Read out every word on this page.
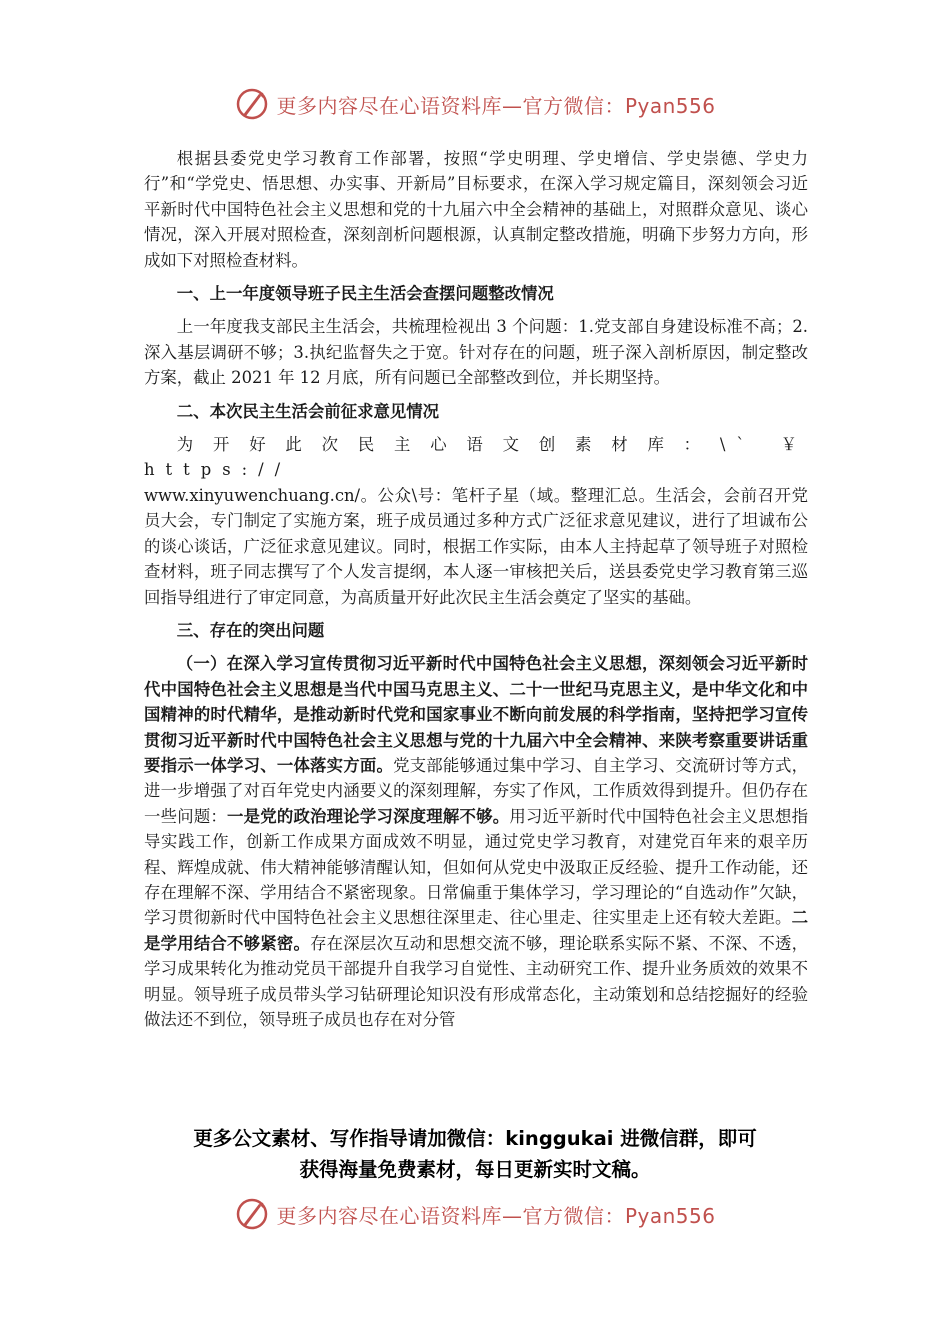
更多内容尽在心语资料库—官方微信：Pyan556

根据县委党史学习教育工作部署，按照“学史明理、学史增信、学史崇德、学史力行”和“学党史、悟思想、办实事、开新局”目标要求，在深入学习规定篇目，深刻领会习近平新时代中国特色社会主义思想和党的十九届六中全会精神的基础上，对照群众意见、谈心情况，深入开展对照检查，深刻剖析问题根源，认真制定整改措施，明确下步努力方向，形成如下对照检查材料。

一、上一年度领导班子民主生活会查摆问题整改情况

上一年度我支部民主生活会，共梳理检视出 3 个问题：1.党支部自身建设标准不高；2.深入基层调研不够；3.执纪监督失之于宽。针对存在的问题，班子深入剖析原因，制定整改方案，截止 2021 年 12 月底，所有问题已全部整改到位，并长期坚持。

二、本次民主生活会前征求意见情况

为开好此次民主心语文创素材库：\` ￥ https://

www.xinyuwenchuang.cn/。公众\号：笔杆子星（域。整理汇总。生活会，会前召开党员大会，专门制定了实施方案，班子成员通过多种方式广泛征求意见建议，进行了坦诚布公的谈心谈话，广泛征求意见建议。同时，根据工作实际，由本人主持起草了领导班子对照检查材料，班子同志撰写了个人发言提纲，本人逐一审核把关后，送县委党史学习教育第三巡回指导组进行了审定同意，为高质量开好此次民主生活会奠定了坚实的基础。

三、存在的突出问题

（一）在深入学习宣传贯彻习近平新时代中国特色社会主义思想，深刻领会习近平新时代中国特色社会主义思想是当代中国马克思主义、二十一世纪马克思主义，是中华文化和中国精神的时代精华，是推动新时代党和国家事业不断向前发展的科学指南，坚持把学习宣传贯彻习近平新时代中国特色社会主义思想与党的十九届六中全会精神、来陕考察重要讲话重要指示一体学习、一体落实方面。党支部能够通过集中学习、自主学习、交流研讨等方式，进一步增强了对百年党史内涵要义的深刻理解，夯实了作风，工作质效得到提升。但仍存在一些问题：一是党的政治理论学习深度理解不够。用习近平新时代中国特色社会主义思想指导实践工作，创新工作成果方面成效不明显，通过党史学习教育，对建党百年来的艰辛历程、辉煌成就、伟大精神能够清醒认知，但如何从党史中汲取正反经验、提升工作动能，还存在理解不深、学用结合不紧密现象。日常偏重于集体学习，学习理论的“自选动作”欠缺，学习贯彻新时代中国特色社会主义思想往深里走、往心里走、往实里走上还有较大差距。二是学用结合不够紧密。存在深层次互动和思想交流不够，理论联系实际不紧、不深、不透，学习成果转化为推动党员干部提升自我学习自觉性、主动研究工作、提升业务质效的效果不明显。领导班子成员带头学习钻研理论知识没有形成常态化，主动策划和总结挖掘好的经验做法还不到位，领导班子成员也存在对分管

更多公文素材、写作指导请加微信：kinggukai 进微信群，即可
获得海量免费素材，每日更新实时文稿。
更多内容尽在心语资料库—官方微信：Pyan556
